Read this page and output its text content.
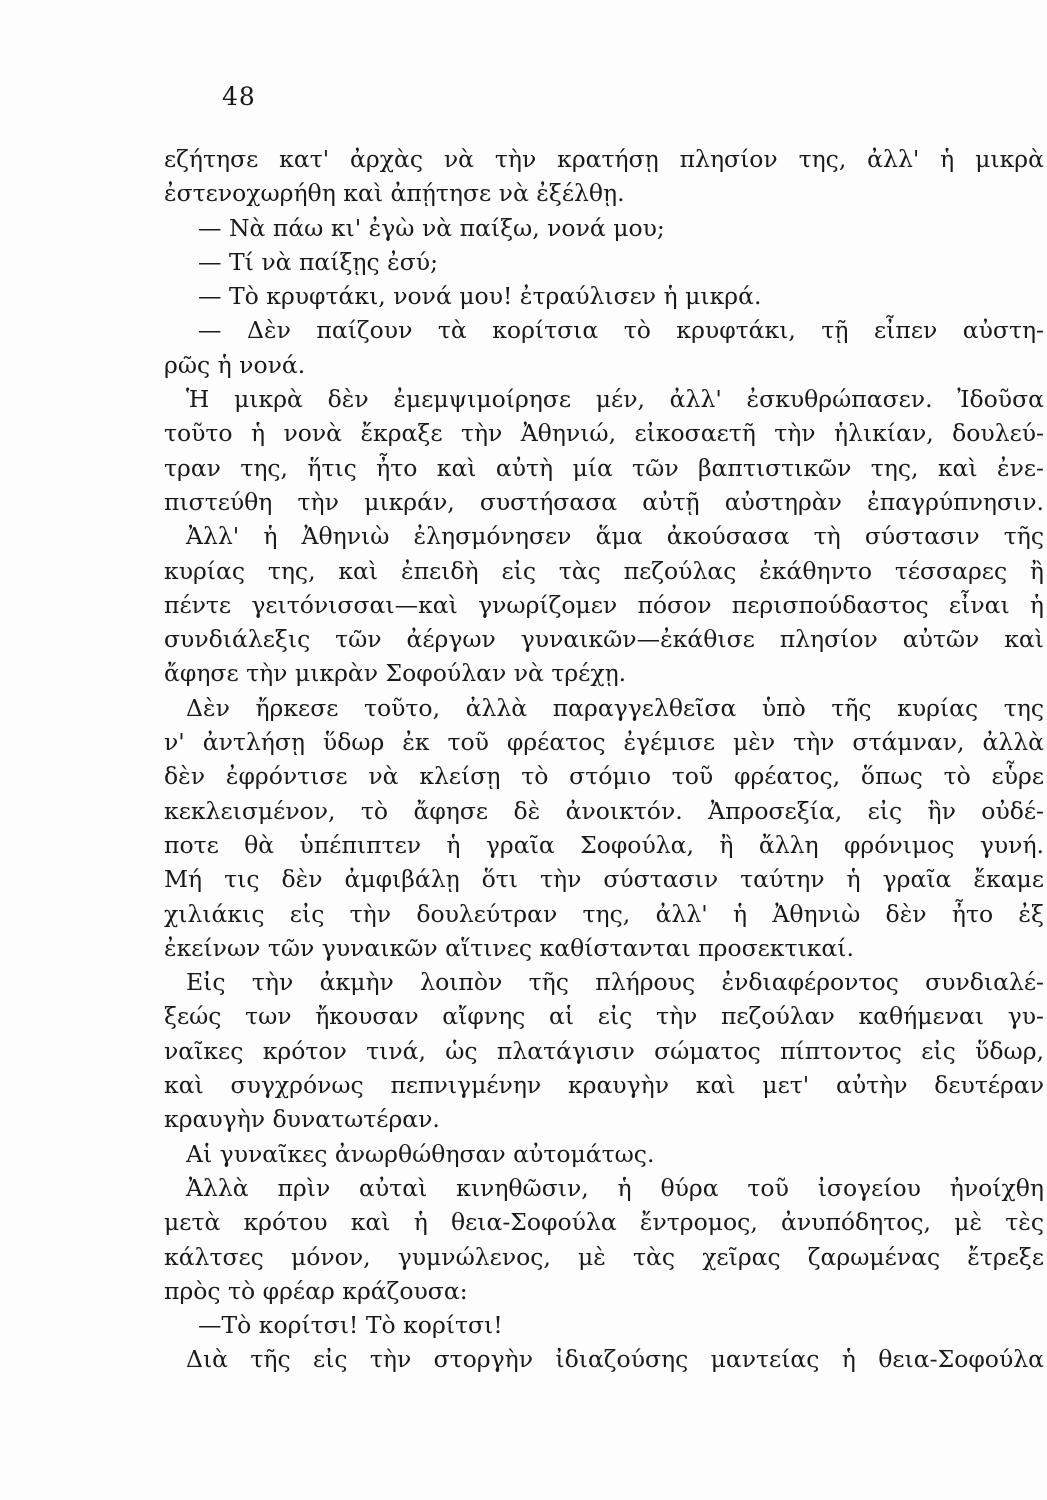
48
εζήτησε κατ' ἀρχὰς νὰ τὴν κρατήσῃ πλησίον της, ἀλλ' ἡ μικρὰ
ἐστενοχωρήθη καὶ ἀπῄτησε νὰ ἐξέλθῃ.
— Νὰ πάω κι' ἐγὼ νὰ παίξω, νονά μου;
— Τί νὰ παίξῃς ἐσύ;
— Τὸ κρυφτάκι, νονά μου! ἐτραύλισεν ἡ μικρά.
— Δὲν παίζουν τὰ κορίτσια τὸ κρυφτάκι, τῇ εἶπεν αὐστη-
ρῶς ἡ νονά.
Ἡ μικρὰ δὲν ἐμεμψιμοίρησε μέν, ἀλλ' ἐσκυθρώπασεν. Ἰδοῦσα
τοῦτο ἡ νονὰ ἔκραξε τὴν Ἀθηνιώ, εἰκοσαετῆ τὴν ἡλικίαν, δουλεύ-
τραν της, ἥτις ἦτο καὶ αὐτὴ μία τῶν βαπτιστικῶν της, καὶ ἐνε-
πιστεύθη τὴν μικράν, συστήσασα αὐτῇ αὐστηρὰν ἐπαγρύπνησιν.
Ἀλλ' ἡ Ἀθηνιὼ ἐλησμόνησεν ἅμα ἀκούσασα τὴ σύστασιν τῆς
κυρίας της, καὶ ἐπειδὴ εἰς τὰς πεζούλας ἐκάθηντο τέσσαρες ἢ
πέντε γειτόνισσαι—καὶ γνωρίζομεν πόσον περισπούδαστος εἶναι ἡ
συνδιάλεξις τῶν ἀέργων γυναικῶν—ἐκάθισε πλησίον αὐτῶν καὶ
ἄφησε τὴν μικρὰν Σοφούλαν νὰ τρέχῃ.
Δὲν ἤρκεσε τοῦτο, ἀλλὰ παραγγελθεῖσα ὑπὸ τῆς κυρίας της
ν' ἀντλήσῃ ὕδωρ ἐκ τοῦ φρέατος ἐγέμισε μὲν τὴν στάμναν, ἀλλὰ
δὲν ἐφρόντισε νὰ κλείσῃ τὸ στόμιο τοῦ φρέατος, ὅπως τὸ εὗρε
κεκλεισμένον, τὸ ἄφησε δὲ ἀνοικτόν. Ἀπροσεξία, εἰς ἣν οὐδέ-
ποτε θὰ ὑπέπιπτεν ἡ γραῖα Σοφούλα, ἢ ἄλλη φρόνιμος γυνή.
Μή τις δὲν ἀμφιβάλῃ ὅτι τὴν σύστασιν ταύτην ἡ γραῖα ἔκαμε
χιλιάκις εἰς τὴν δουλεύτραν της, ἀλλ' ἡ Ἀθηνιὼ δὲν ἦτο ἐξ
ἐκείνων τῶν γυναικῶν αἵτινες καθίστανται προσεκτικαί.
Εἰς τὴν ἀκμὴν λοιπὸν τῆς πλήρους ἐνδιαφέροντος συνδιαλέ-
ξεώς των ἤκουσαν αἴφνης αἱ εἰς τὴν πεζούλαν καθήμεναι γυ-
ναῖκες κρότον τινά, ὡς πλατάγισιν σώματος πίπτοντος εἰς ὕδωρ,
καὶ συγχρόνως πεπνιγμένην κραυγὴν καὶ μετ' αὐτὴν δευτέραν
κραυγὴν δυνατωτέραν.
Αἱ γυναῖκες ἀνωρθώθησαν αὐτομάτως.
Ἀλλὰ πρὶν αὐταὶ κινηθῶσιν, ἡ θύρα τοῦ ἰσογείου ἠνοίχθη
μετὰ κρότου καὶ ἡ θεια-Σοφούλα ἔντρομος, ἀνυπόδητος, μὲ τὲς
κάλτσες μόνον, γυμνώλενος, μὲ τὰς χεῖρας ζαρωμένας ἔτρεξε
πρὸς τὸ φρέαρ κράζουσα:
—Τὸ κορίτσι! Τὸ κορίτσι!
Διὰ τῆς εἰς τὴν στοργὴν ἰδιαζούσης μαντείας ἡ θεια-Σοφούλα
